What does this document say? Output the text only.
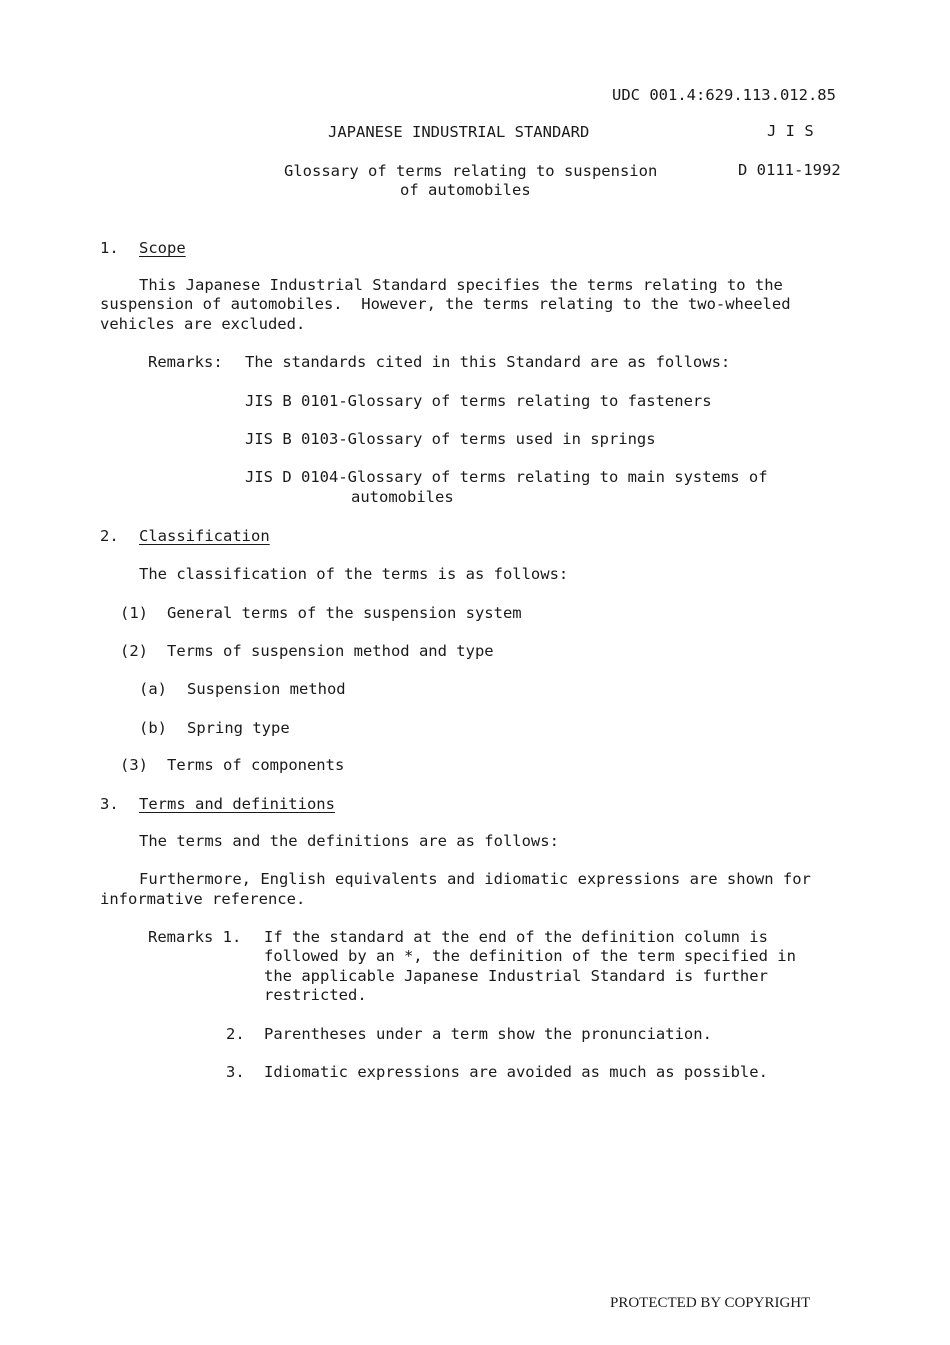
UDC 001.4:629.113.012.85
JAPANESE INDUSTRIAL STANDARD	J I S
Glossary of terms relating to suspension
of automobiles
D 0111-1992
1. Scope
This Japanese Industrial Standard specifies the terms relating to the
suspension of automobiles.  However, the terms relating to the two-wheeled
vehicles are excluded.
Remarks: The standards cited in this Standard are as follows:
JIS B 0101-Glossary of terms relating to fasteners
JIS B 0103-Glossary of terms used in springs
JIS D 0104-Glossary of terms relating to main systems of
automobiles
2. Classification
The classification of the terms is as follows:
(1) General terms of the suspension system
(2) Terms of suspension method and type
(a) Suspension method
(b) Spring type
(3) Terms of components
3. Terms and definitions
The terms and the definitions are as follows:
Furthermore, English equivalents and idiomatic expressions are shown for
informative reference.
Remarks 1. If the standard at the end of the definition column is
followed by an *, the definition of the term specified in
the applicable Japanese Industrial Standard is further
restricted.
2. Parentheses under a term show the pronunciation.
3. Idiomatic expressions are avoided as much as possible.
PROTECTED BY COPYRIGHT
